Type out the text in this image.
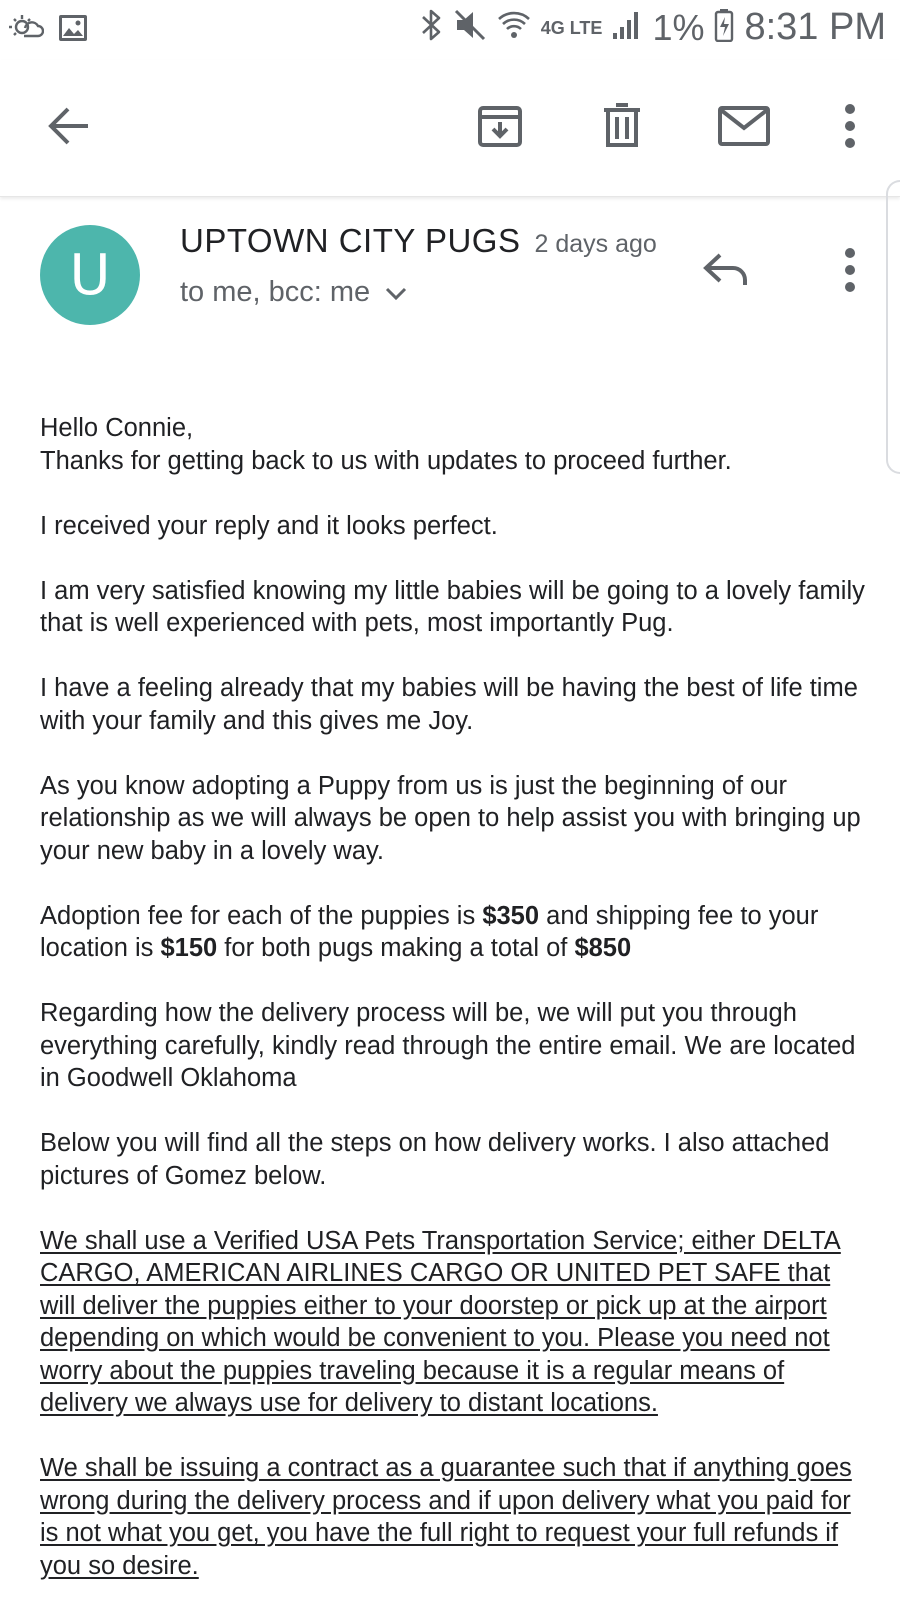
4G LTE 1% 8:31 PM
U
UPTOWN CITY PUGS 2 days ago
to me, bcc: me

Hello Connie,

Thanks for getting back to us with updates to proceed further.

I received your reply and it looks perfect.

I am very satisfied knowing my little babies will be going to a lovely family that is well experienced with pets, most importantly Pug.

I have a feeling already that my babies will be having the best of life time with your family and this gives me Joy.

As you know adopting a Puppy from us is just the beginning of our relationship as we will always be open to help assist you with bringing up your new baby in a lovely way.

Adoption fee for each of the puppies is $350 and shipping fee to your location is $150 for both pugs making a total of $850

Regarding how the delivery process will be, we will put you through everything carefully, kindly read through the entire email. We are located in Goodwell Oklahoma

Below you will find all the steps on how delivery works. I also attached pictures of Gomez below.

We shall use a Verified USA Pets Transportation Service; either DELTA CARGO, AMERICAN AIRLINES CARGO OR UNITED PET SAFE that will deliver the puppies either to your doorstep or pick up at the airport depending on which would be convenient to you. Please you need not worry about the puppies traveling because it is a regular means of delivery we always use for delivery to distant locations.

We shall be issuing a contract as a guarantee such that if anything goes wrong during the delivery process and if upon delivery what you paid for is not what you get, you have the full right to request your full refunds if you so desire.
